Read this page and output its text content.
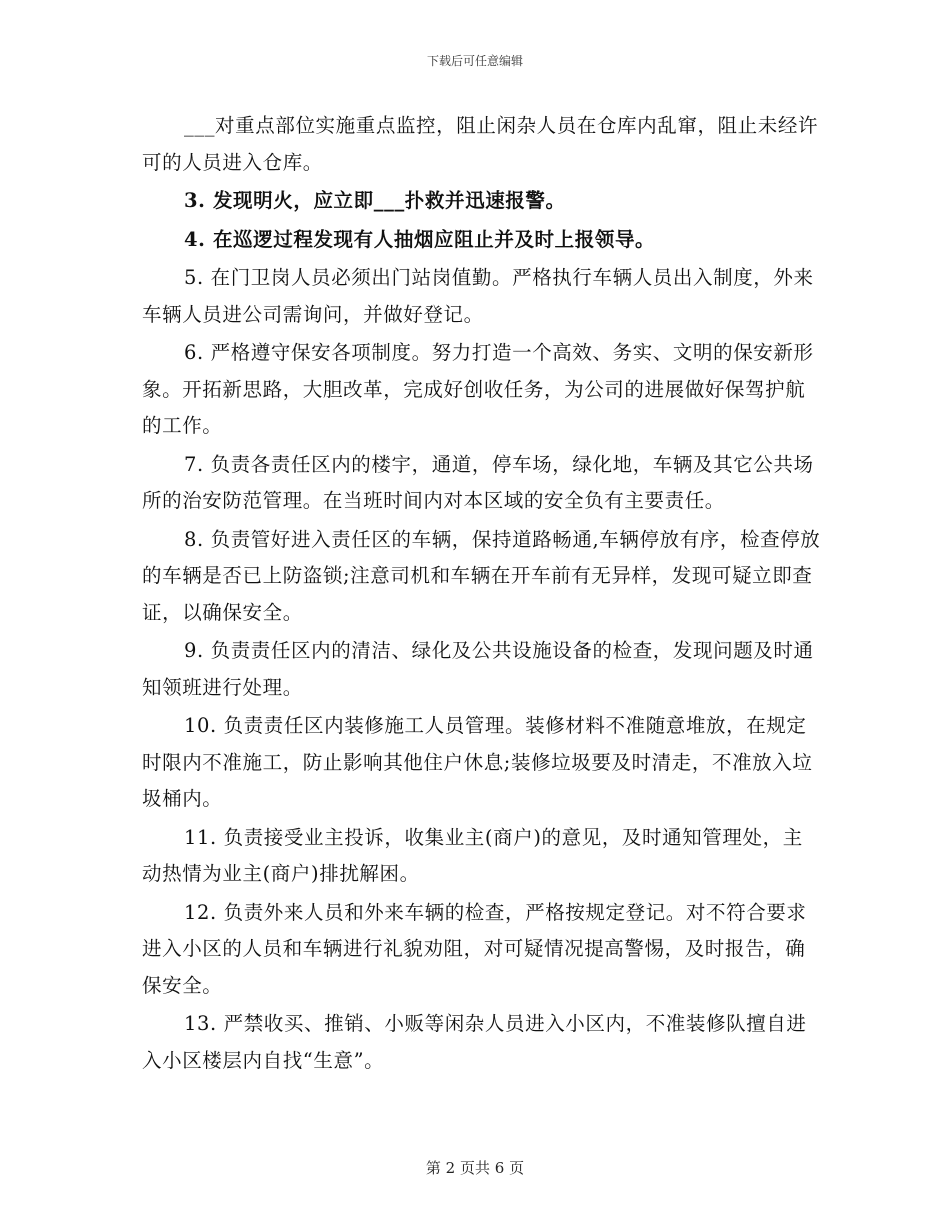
下载后可任意编辑

___对重点部位实施重点监控，阻止闲杂人员在仓库内乱窜，阻止未经许可的人员进入仓库。

3. 发现明火，应立即___扑救并迅速报警。

4. 在巡逻过程发现有人抽烟应阻止并及时上报领导。

5. 在门卫岗人员必须出门站岗值勤。严格执行车辆人员出入制度，外来车辆人员进公司需询问，并做好登记。

6. 严格遵守保安各项制度。努力打造一个高效、务实、文明的保安新形象。开拓新思路，大胆改革，完成好创收任务，为公司的进展做好保驾护航的工作。

7. 负责各责任区内的楼宇，通道，停车场，绿化地，车辆及其它公共场所的治安防范管理。在当班时间内对本区域的安全负有主要责任。

8. 负责管好进入责任区的车辆，保持道路畅通,车辆停放有序，检查停放的车辆是否已上防盗锁;注意司机和车辆在开车前有无异样，发现可疑立即查证，以确保安全。

9. 负责责任区内的清洁、绿化及公共设施设备的检查，发现问题及时通知领班进行处理。

10. 负责责任区内装修施工人员管理。装修材料不准随意堆放，在规定时限内不准施工，防止影响其他住户休息;装修垃圾要及时清走，不准放入垃圾桶内。

11. 负责接受业主投诉，收集业主(商户)的意见，及时通知管理处，主动热情为业主(商户)排扰解困。

12. 负责外来人员和外来车辆的检查，严格按规定登记。对不符合要求进入小区的人员和车辆进行礼貌劝阻，对可疑情况提高警惕，及时报告，确保安全。

13. 严禁收买、推销、小贩等闲杂人员进入小区内，不准装修队擅自进入小区楼层内自找“生意”。

第 2 页共 6 页
